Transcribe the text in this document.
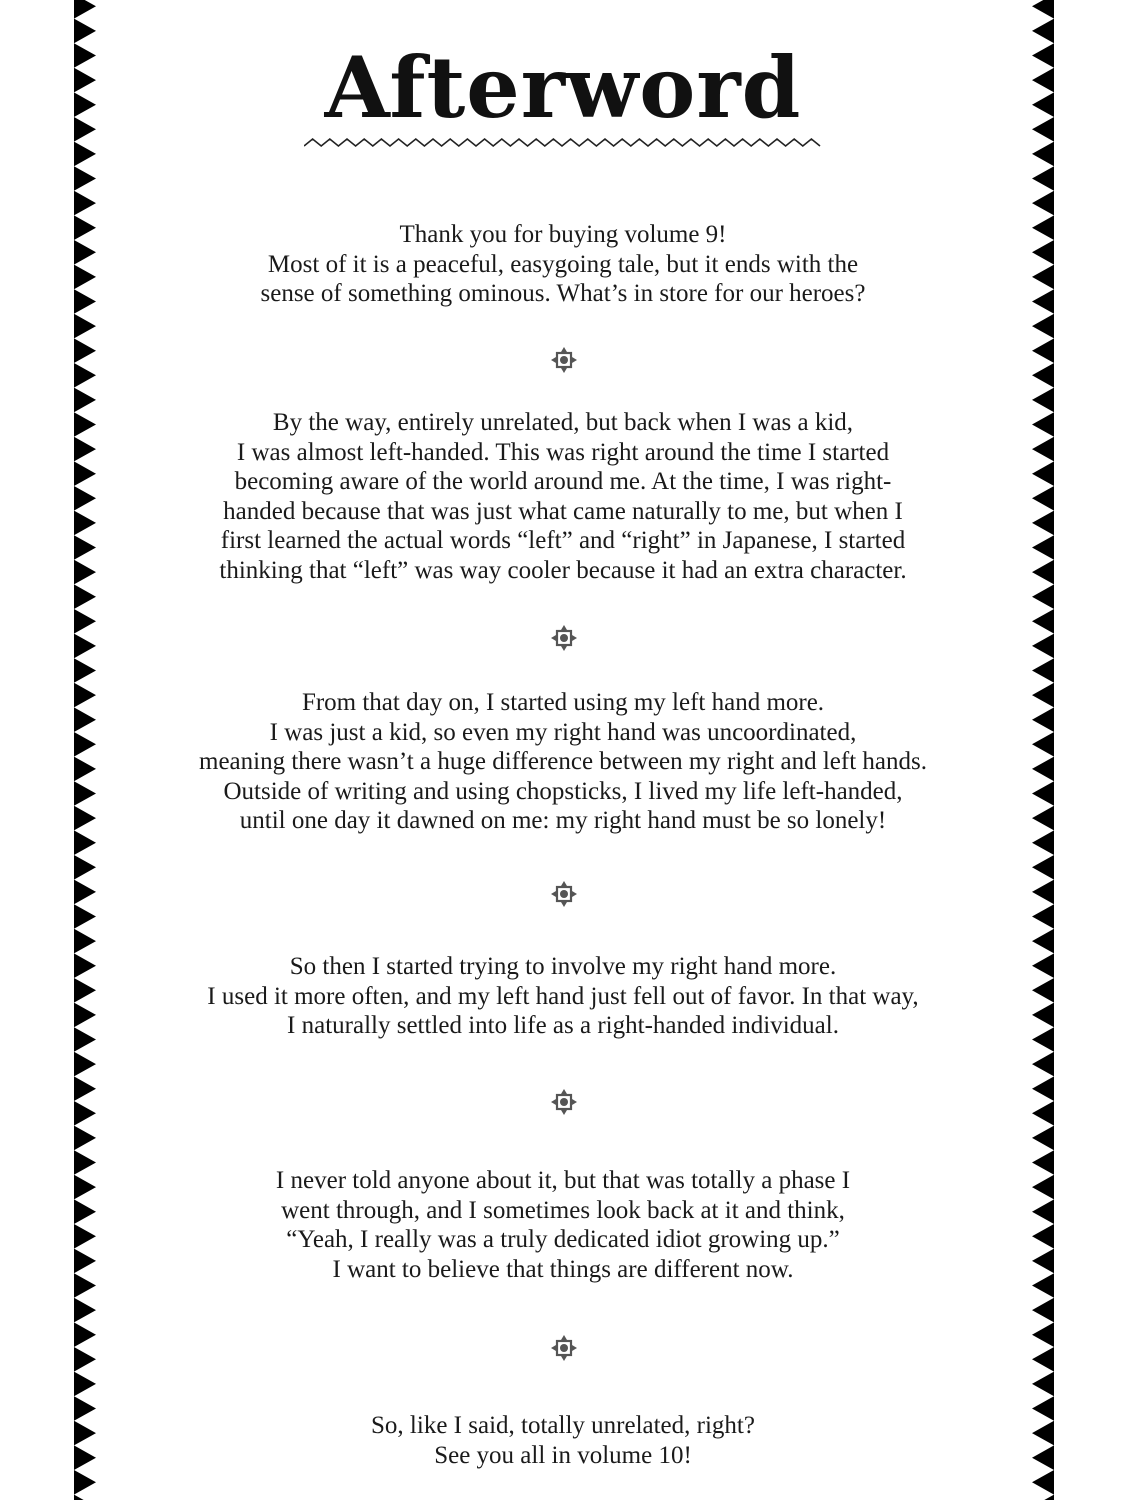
Afterword
Thank you for buying volume 9!
Most of it is a peaceful, easygoing tale, but it ends with the
sense of something ominous. What’s in store for our heroes?
By the way, entirely unrelated, but back when I was a kid,
I was almost left-handed. This was right around the time I started
becoming aware of the world around me. At the time, I was right-
handed because that was just what came naturally to me, but when I
first learned the actual words “left” and “right” in Japanese, I started
thinking that “left” was way cooler because it had an extra character.
From that day on, I started using my left hand more.
I was just a kid, so even my right hand was uncoordinated,
meaning there wasn’t a huge difference between my right and left hands.
Outside of writing and using chopsticks, I lived my life left-handed,
until one day it dawned on me: my right hand must be so lonely!
So then I started trying to involve my right hand more.
I used it more often, and my left hand just fell out of favor. In that way,
I naturally settled into life as a right-handed individual.
I never told anyone about it, but that was totally a phase I
went through, and I sometimes look back at it and think,
“Yeah, I really was a truly dedicated idiot growing up.”
I want to believe that things are different now.
So, like I said, totally unrelated, right?
See you all in volume 10!
